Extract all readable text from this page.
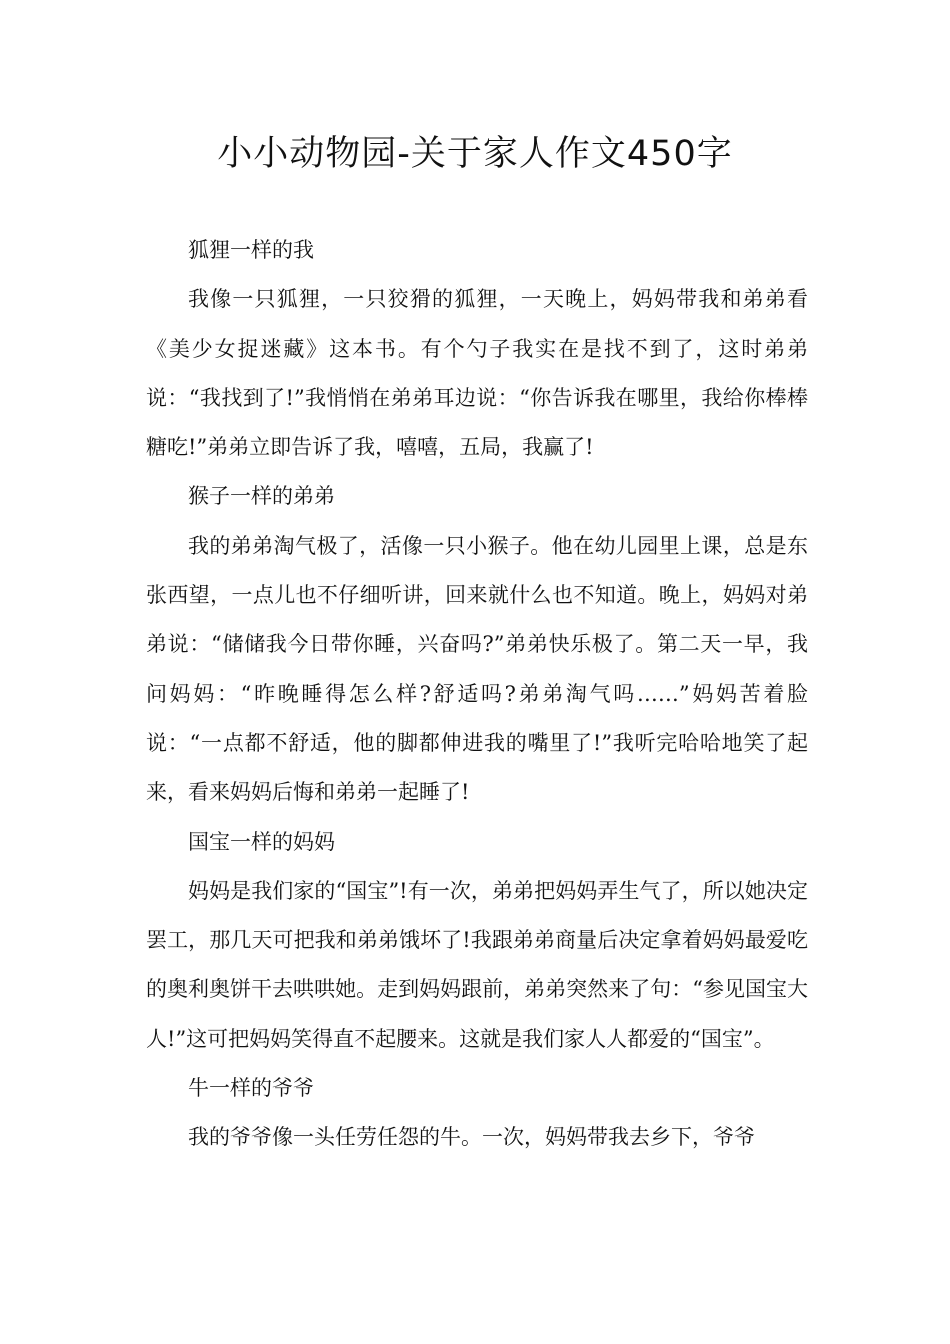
小小动物园-关于家人作文450字

狐狸一样的我

我像一只狐狸，一只狡猾的狐狸，一天晚上，妈妈带我和弟弟看《美少女捉迷藏》这本书。有个勺子我实在是找不到了，这时弟弟说：“我找到了!”我悄悄在弟弟耳边说：“你告诉我在哪里，我给你棒棒糖吃!”弟弟立即告诉了我，嘻嘻，五局，我赢了!

猴子一样的弟弟

我的弟弟淘气极了，活像一只小猴子。他在幼儿园里上课，总是东张西望，一点儿也不仔细听讲，回来就什么也不知道。晚上，妈妈对弟弟说：“储储我今日带你睡，兴奋吗?”弟弟快乐极了。第二天一早，我问妈妈：“昨晚睡得怎么样?舒适吗?弟弟淘气吗……”妈妈苦着脸说：“一点都不舒适，他的脚都伸进我的嘴里了!”我听完哈哈地笑了起来，看来妈妈后悔和弟弟一起睡了!

国宝一样的妈妈

妈妈是我们家的“国宝”!有一次，弟弟把妈妈弄生气了，所以她决定罢工，那几天可把我和弟弟饿坏了!我跟弟弟商量后决定拿着妈妈最爱吃的奥利奥饼干去哄哄她。走到妈妈跟前，弟弟突然来了句：“参见国宝大人!”这可把妈妈笑得直不起腰来。这就是我们家人人都爱的“国宝”。

牛一样的爷爷

我的爷爷像一头任劳任怨的牛。一次，妈妈带我去乡下，爷爷
